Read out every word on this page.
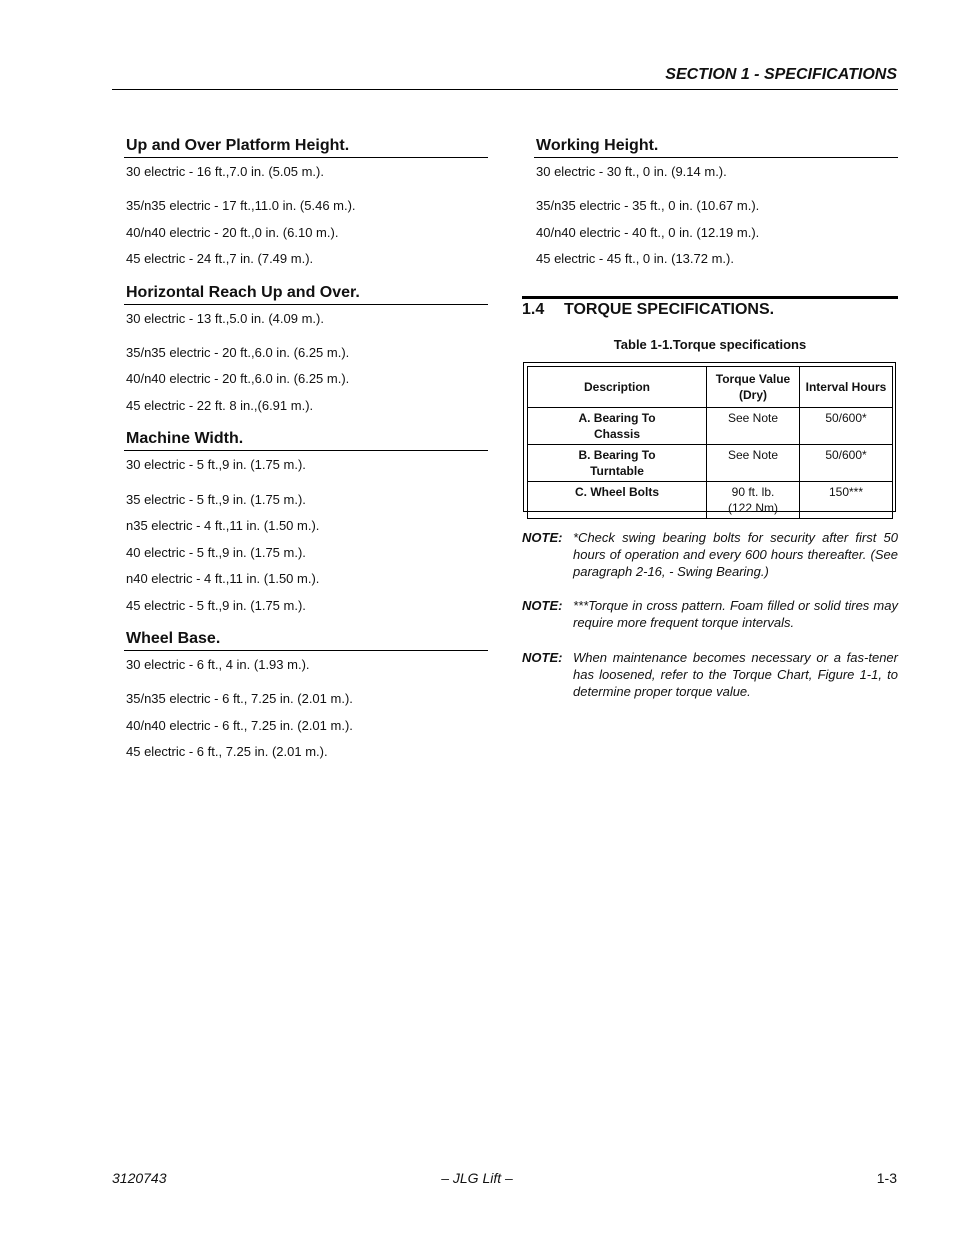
SECTION 1 - SPECIFICATIONS
Up and Over Platform Height.
30 electric - 16 ft.,7.0 in. (5.05 m.).
35/n35 electric - 17 ft.,11.0 in. (5.46 m.).
40/n40 electric - 20 ft.,0 in. (6.10 m.).
45 electric - 24 ft.,7 in. (7.49 m.).
Horizontal Reach Up and Over.
30 electric - 13 ft.,5.0 in. (4.09 m.).
35/n35 electric - 20 ft.,6.0 in. (6.25 m.).
40/n40 electric - 20 ft.,6.0 in. (6.25 m.).
45 electric - 22 ft. 8 in.,(6.91 m.).
Machine Width.
30 electric - 5 ft.,9 in. (1.75 m.).
35 electric - 5 ft.,9 in. (1.75 m.).
n35 electric - 4 ft.,11 in. (1.50 m.).
40 electric - 5 ft.,9 in. (1.75 m.).
n40 electric - 4 ft.,11 in. (1.50 m.).
45 electric - 5 ft.,9 in. (1.75 m.).
Wheel Base.
30 electric - 6 ft., 4 in. (1.93 m.).
35/n35 electric - 6 ft., 7.25 in. (2.01 m.).
40/n40 electric - 6 ft., 7.25 in. (2.01 m.).
45 electric - 6 ft., 7.25 in. (2.01 m.).
Working Height.
30 electric - 30 ft., 0 in. (9.14 m.).
35/n35 electric - 35 ft., 0 in. (10.67 m.).
40/n40 electric - 40 ft., 0 in. (12.19 m.).
45 electric - 45 ft., 0 in. (13.72 m.).
1.4 TORQUE SPECIFICATIONS.
Table 1-1.Torque specifications
Description	Torque Value (Dry)	Interval Hours

A. Bearing To
Chassis	See Note	50/600*

B. Bearing To
Turntable	See Note	50/600*

C. Wheel Bolts	90 ft. lb.
(122 Nm)	150***
NOTE: *Check swing bearing bolts for security after first 50 hours of operation and every 600 hours thereafter. (See paragraph 2-16, - Swing Bearing.)
NOTE: ***Torque in cross pattern. Foam filled or solid tires may require more frequent torque intervals.
NOTE: When maintenance becomes necessary or a fas-tener has loosened, refer to the Torque Chart, Figure 1-1, to determine proper torque value.
3120743	– JLG Lift –	1-3
